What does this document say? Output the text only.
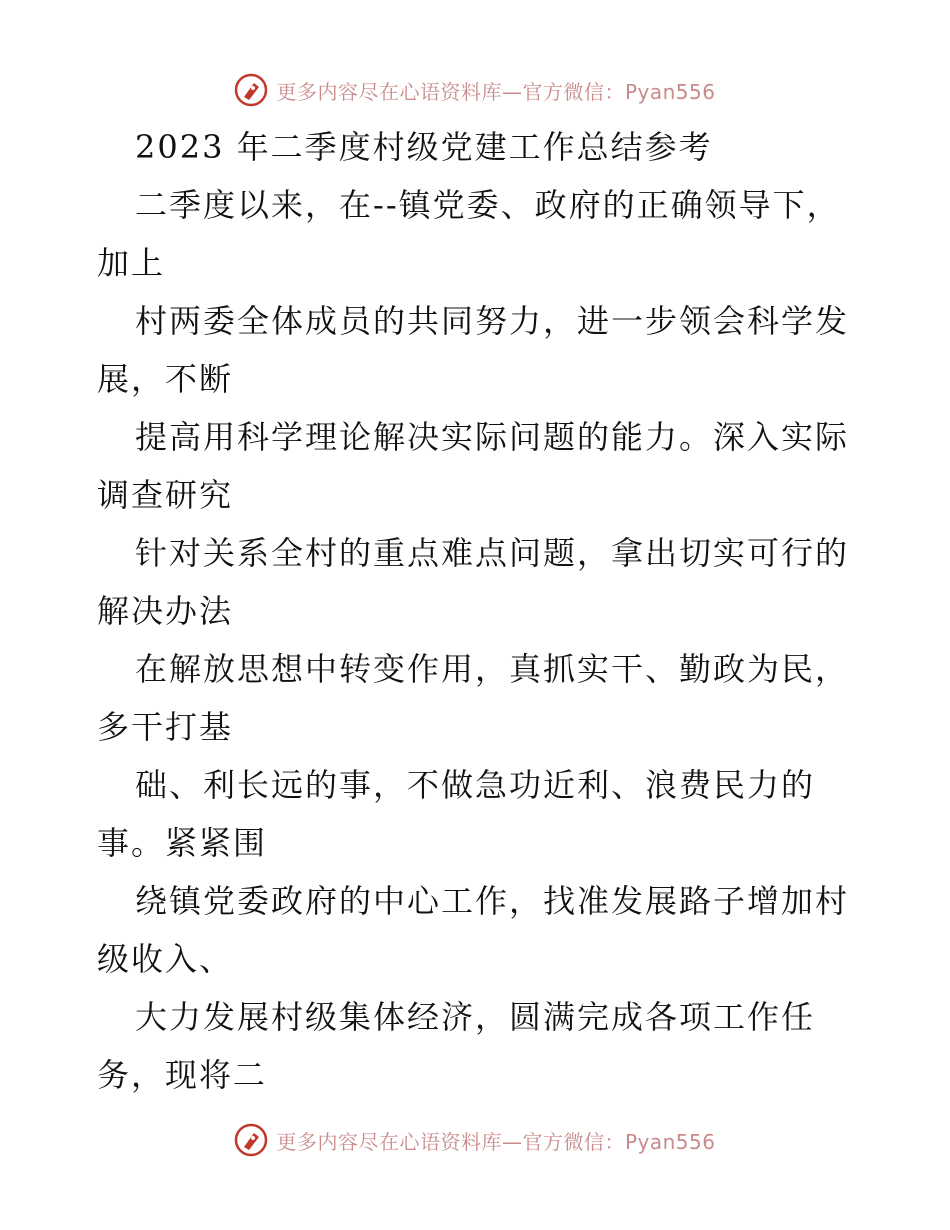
更多内容尽在心语资料库—官方微信：Pyan556
2023 年二季度村级党建工作总结参考
二季度以来，在--镇党委、政府的正确领导下，
加上
村两委全体成员的共同努力，进一步领会科学发
展，不断
提高用科学理论解决实际问题的能力。深入实际
调查研究
针对关系全村的重点难点问题，拿出切实可行的
解决办法
在解放思想中转变作用，真抓实干、勤政为民，
多干打基
础、利长远的事，不做急功近利、浪费民力的
事。紧紧围
绕镇党委政府的中心工作，找准发展路子增加村
级收入、
大力发展村级集体经济，圆满完成各项工作任
务，现将二
更多内容尽在心语资料库—官方微信：Pyan556
